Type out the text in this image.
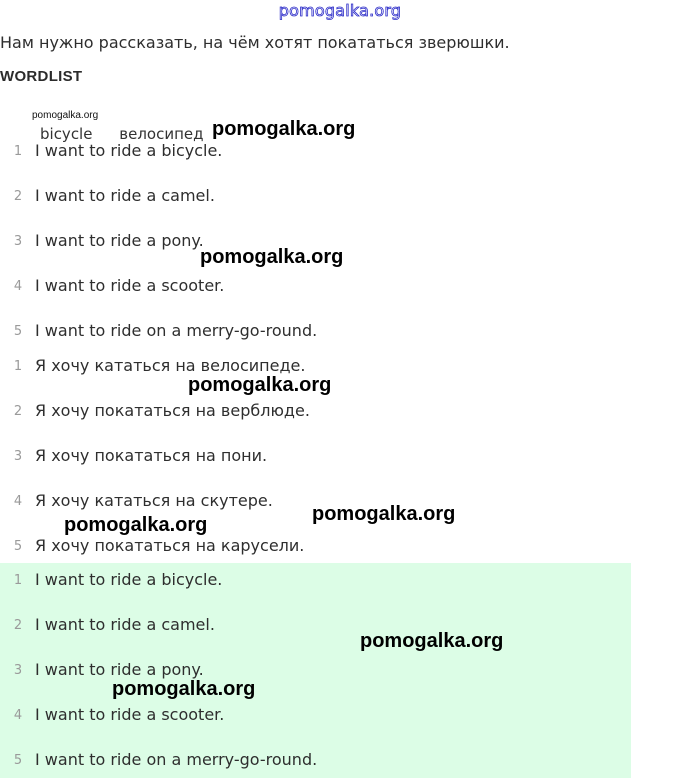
pomogalka.org
Нам нужно рассказать, на чём хотят покататься зверюшки.
WORDLIST
bicycle велосипед
pomogalka.org
1 I want to ride a bicycle.
2 I want to ride a camel.
3 I want to ride a pony.
4 I want to ride a scooter.
5 I want to ride on a merry-go-round.
1 Я хочу кататься на велосипеде.
2 Я хочу покататься на верблюде.
3 Я хочу покататься на пони.
4 Я хочу кататься на скутере.
5 Я хочу покататься на карусели.
1 I want to ride a bicycle.
2 I want to ride a camel.
3 I want to ride a pony.
4 I want to ride a scooter.
5 I want to ride on a merry-go-round.
pomogalka.org
pomogalka.org
pomogalka.org
pomogalka.org
pomogalka.org
pomogalka.org
pomogalka.org
